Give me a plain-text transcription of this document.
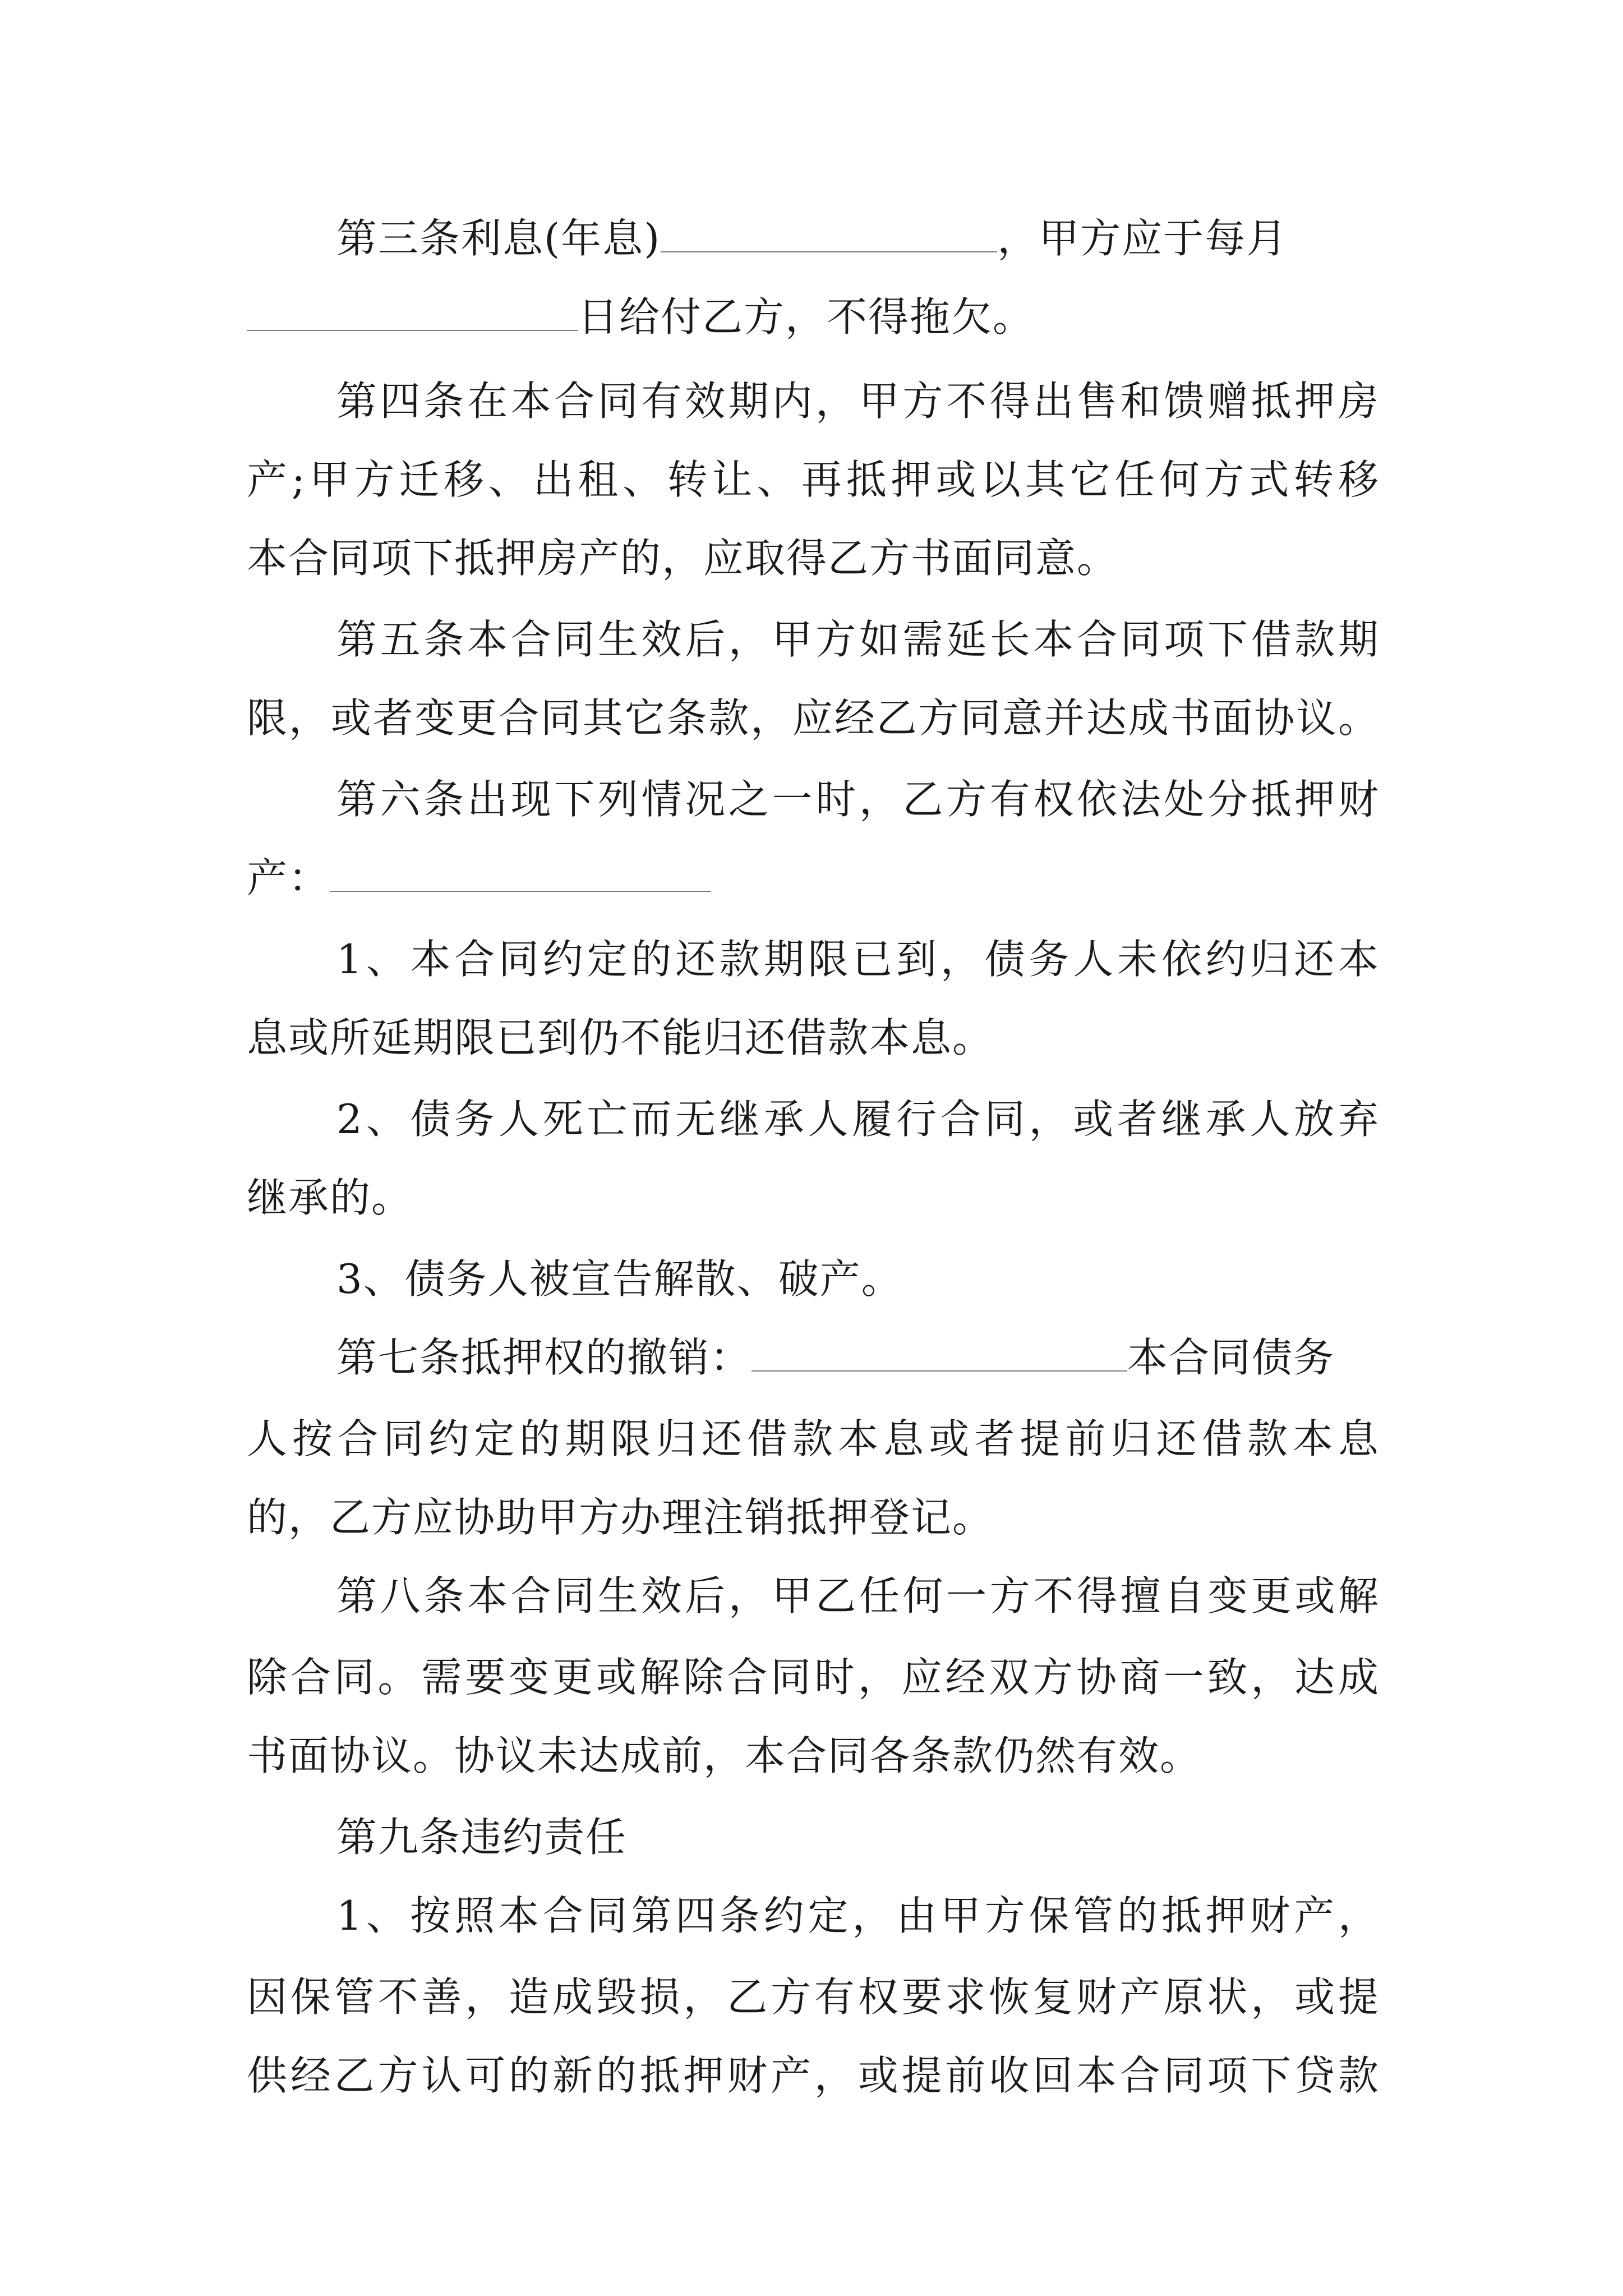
第三条利息(年息)	，甲方应于每月
日给付乙方，不得拖欠。
第四条在本合同有效期内，甲方不得出售和馈赠抵押房
产;甲方迁移、出租、转让、再抵押或以其它任何方式转移
本合同项下抵押房产的，应取得乙方书面同意。
第五条本合同生效后，甲方如需延长本合同项下借款期
限，或者变更合同其它条款，应经乙方同意并达成书面协议。
第六条出现下列情况之一时，乙方有权依法处分抵押财
产：
1、本合同约定的还款期限已到，债务人未依约归还本
息或所延期限已到仍不能归还借款本息。
2、债务人死亡而无继承人履行合同，或者继承人放弃
继承的。
3、债务人被宣告解散、破产。
第七条抵押权的撤销：	本合同债务
人按合同约定的期限归还借款本息或者提前归还借款本息
的，乙方应协助甲方办理注销抵押登记。
第八条本合同生效后，甲乙任何一方不得擅自变更或解
除合同。需要变更或解除合同时，应经双方协商一致，达成
书面协议。协议未达成前，本合同各条款仍然有效。
第九条违约责任
1、按照本合同第四条约定，由甲方保管的抵押财产，
因保管不善，造成毁损，乙方有权要求恢复财产原状，或提
供经乙方认可的新的抵押财产，或提前收回本合同项下贷款
